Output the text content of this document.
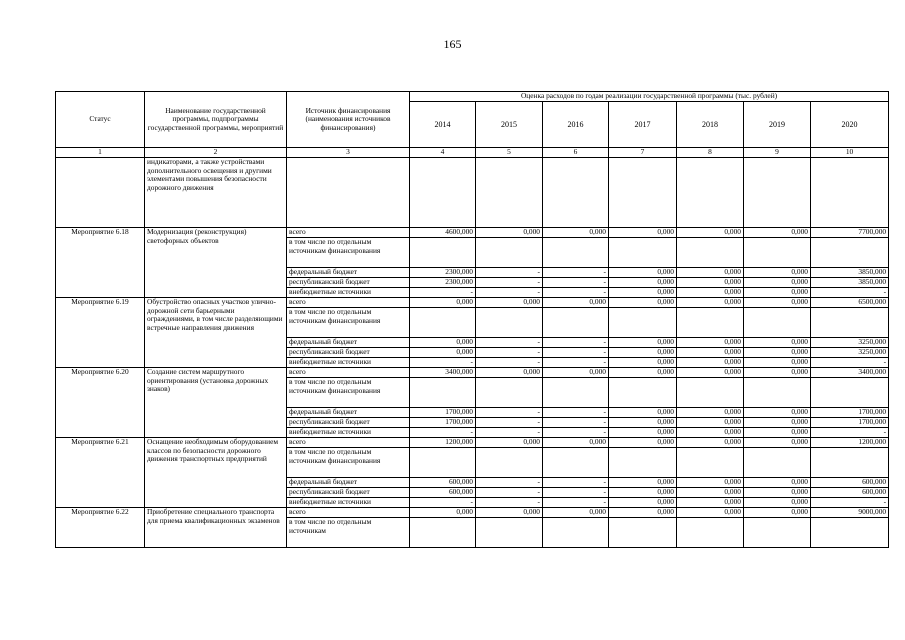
165
Статус	Наименование государственной программы, подпрограммы государственной программы, мероприятий	Источник финансирования (наименования источников финансирования)	Оценка расходов по годам реализации государственной программы (тыс. рублей)						
			2014	2015	2016	2017	2018	2019	2020
1	2	3	4	5	6	7	8	9	10
	индикаторами, а также устройствами дополнительного освещения и другими элементами повышения безопасности дорожного движения								
Мероприятие 6.18	Модернизация (реконструкция) светофорных объектов	всего	4600,000	0,000	0,000	0,000	0,000	0,000	7700,000
		в том числе по отдельным источникам финансирования							
		федеральный бюджет	2300,000	-	-	0,000	0,000	0,000	3850,000
		республиканский бюджет	2300,000	-	-	0,000	0,000	0,000	3850,000
		внебюджетные источники	-	-	-	0,000	0,000	0,000	-
Мероприятие 6.19	Обустройство опасных участков улично-дорожной сети барьерными ограждениями, в том числе разделяющими встречные направления движения	всего	0,000	0,000	0,000	0,000	0,000	0,000	6500,000
		в том числе по отдельным источникам финансирования							
		федеральный бюджет	0,000	-	-	0,000	0,000	0,000	3250,000
		республиканский бюджет	0,000	-	-	0,000	0,000	0,000	3250,000
		внебюджетные источники	-	-	-	0,000	0,000	0,000	-
Мероприятие 6.20	Создание систем маршрутного ориентирования (установка дорожных знаков)	всего	3400,000	0,000	0,000	0,000	0,000	0,000	3400,000
		в том числе по отдельным источникам финансирования							
		федеральный бюджет	1700,000	-	-	0,000	0,000	0,000	1700,000
		республиканский бюджет	1700,000	-	-	0,000	0,000	0,000	1700,000
		внебюджетные источники	-	-	-	0,000	0,000	0,000	-
Мероприятие 6.21	Оснащение необходимым оборудованием классов по безопасности дорожного движения транспортных предприятий	всего	1200,000	0,000	0,000	0,000	0,000	0,000	1200,000
		в том числе по отдельным источникам финансирования							
		федеральный бюджет	600,000	-	-	0,000	0,000	0,000	600,000
		республиканский бюджет	600,000	-	-	0,000	0,000	0,000	600,000
		внебюджетные источники	-	-	-	0,000	0,000	0,000	-
Мероприятие 6.22	Приобретение специального транспорта для приема квалификационных экзаменов	всего	0,000	0,000	0,000	0,000	0,000	0,000	9000,000
		в том числе по отдельным источникам							
